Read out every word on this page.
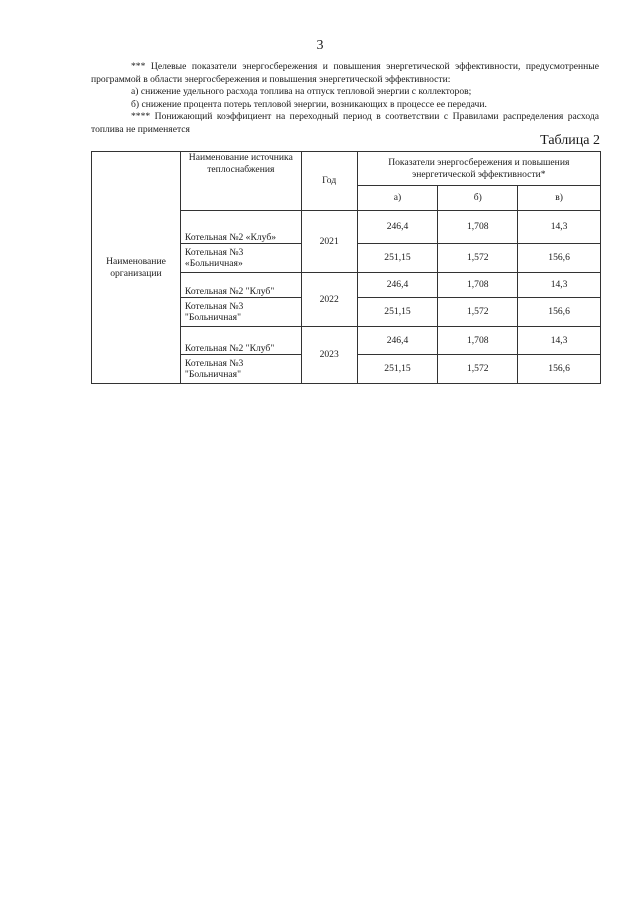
3

*** Целевые показатели энергосбережения и повышения энергетической эффективности, предусмотренные программой в области энергосбережения и повышения энергетической эффективности:

а) снижение удельного расхода топлива на отпуск тепловой энергии с коллекторов;

б) снижение процента потерь тепловой энергии, возникающих в процессе ее передачи.

**** Понижающий коэффициент на переходный период в соответствии с Правилами распределения расхода топлива не применяется

Таблица 2
Наименование организации	Наименование источника теплоснабжения	Год	Показатели энергосбережения и повышения энергетической эффективности*		
			а)	б)	в)
	Котельная №2 «Клуб»	2021	246,4	1,708	14,3
	Котельная №3 «Больничная»		251,15	1,572	156,6
	Котельная №2 "Клуб"	2022	246,4	1,708	14,3
	Котельная №3 "Больничная"		251,15	1,572	156,6
	Котельная №2 "Клуб"	2023	246,4	1,708	14,3
	Котельная №3 "Больничная"		251,15	1,572	156,6
